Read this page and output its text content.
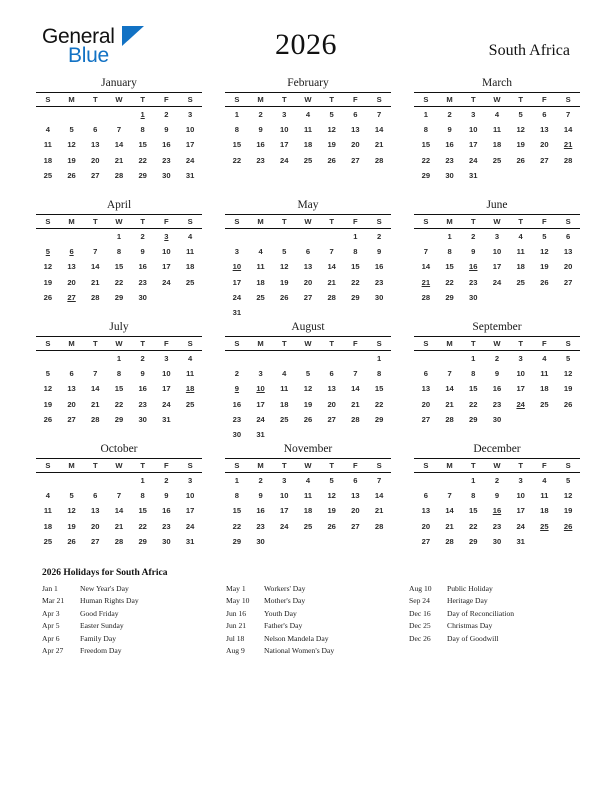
General
Blue	2026	South Africa
January
S	M	T	W	T	F	S
				1	2	3
4	5	6	7	8	9	10
11	12	13	14	15	16	17
18	19	20	21	22	23	24
25	26	27	28	29	30	31
February
S	M	T	W	T	F	S
1	2	3	4	5	6	7
8	9	10	11	12	13	14
15	16	17	18	19	20	21
22	23	24	25	26	27	28
March
S	M	T	W	T	F	S
1	2	3	4	5	6	7
8	9	10	11	12	13	14
15	16	17	18	19	20	21
22	23	24	25	26	27	28
29	30	31				
April
S	M	T	W	T	F	S
			1	2	3	4
5	6	7	8	9	10	11
12	13	14	15	16	17	18
19	20	21	22	23	24	25
26	27	28	29	30		
May
S	M	T	W	T	F	S
					1	2
3	4	5	6	7	8	9
10	11	12	13	14	15	16
17	18	19	20	21	22	23
24	25	26	27	28	29	30
31						
June
S	M	T	W	T	F	S
	1	2	3	4	5	6
7	8	9	10	11	12	13
14	15	16	17	18	19	20
21	22	23	24	25	26	27
28	29	30				
July
S	M	T	W	T	F	S
			1	2	3	4
5	6	7	8	9	10	11
12	13	14	15	16	17	18
19	20	21	22	23	24	25
26	27	28	29	30	31	
August
S	M	T	W	T	F	S
						1
2	3	4	5	6	7	8
9	10	11	12	13	14	15
16	17	18	19	20	21	22
23	24	25	26	27	28	29
30	31					
September
S	M	T	W	T	F	S
		1	2	3	4	5
6	7	8	9	10	11	12
13	14	15	16	17	18	19
20	21	22	23	24	25	26
27	28	29	30			
October
S	M	T	W	T	F	S
				1	2	3
4	5	6	7	8	9	10
11	12	13	14	15	16	17
18	19	20	21	22	23	24
25	26	27	28	29	30	31
November
S	M	T	W	T	F	S
1	2	3	4	5	6	7
8	9	10	11	12	13	14
15	16	17	18	19	20	21
22	23	24	25	26	27	28
29	30					
December
S	M	T	W	T	F	S
		1	2	3	4	5
6	7	8	9	10	11	12
13	14	15	16	17	18	19
20	21	22	23	24	25	26
27	28	29	30	31		
2026 Holidays for South Africa
Jan 1	New Year's Day
Mar 21	Human Rights Day
Apr 3	Good Friday
Apr 5	Easter Sunday
Apr 6	Family Day
Apr 27	Freedom Day
May 1	Workers' Day
May 10	Mother's Day
Jun 16	Youth Day
Jun 21	Father's Day
Jul 18	Nelson Mandela Day
Aug 9	National Women's Day
Aug 10	Public Holiday
Sep 24	Heritage Day
Dec 16	Day of Reconciliation
Dec 25	Christmas Day
Dec 26	Day of Goodwill
